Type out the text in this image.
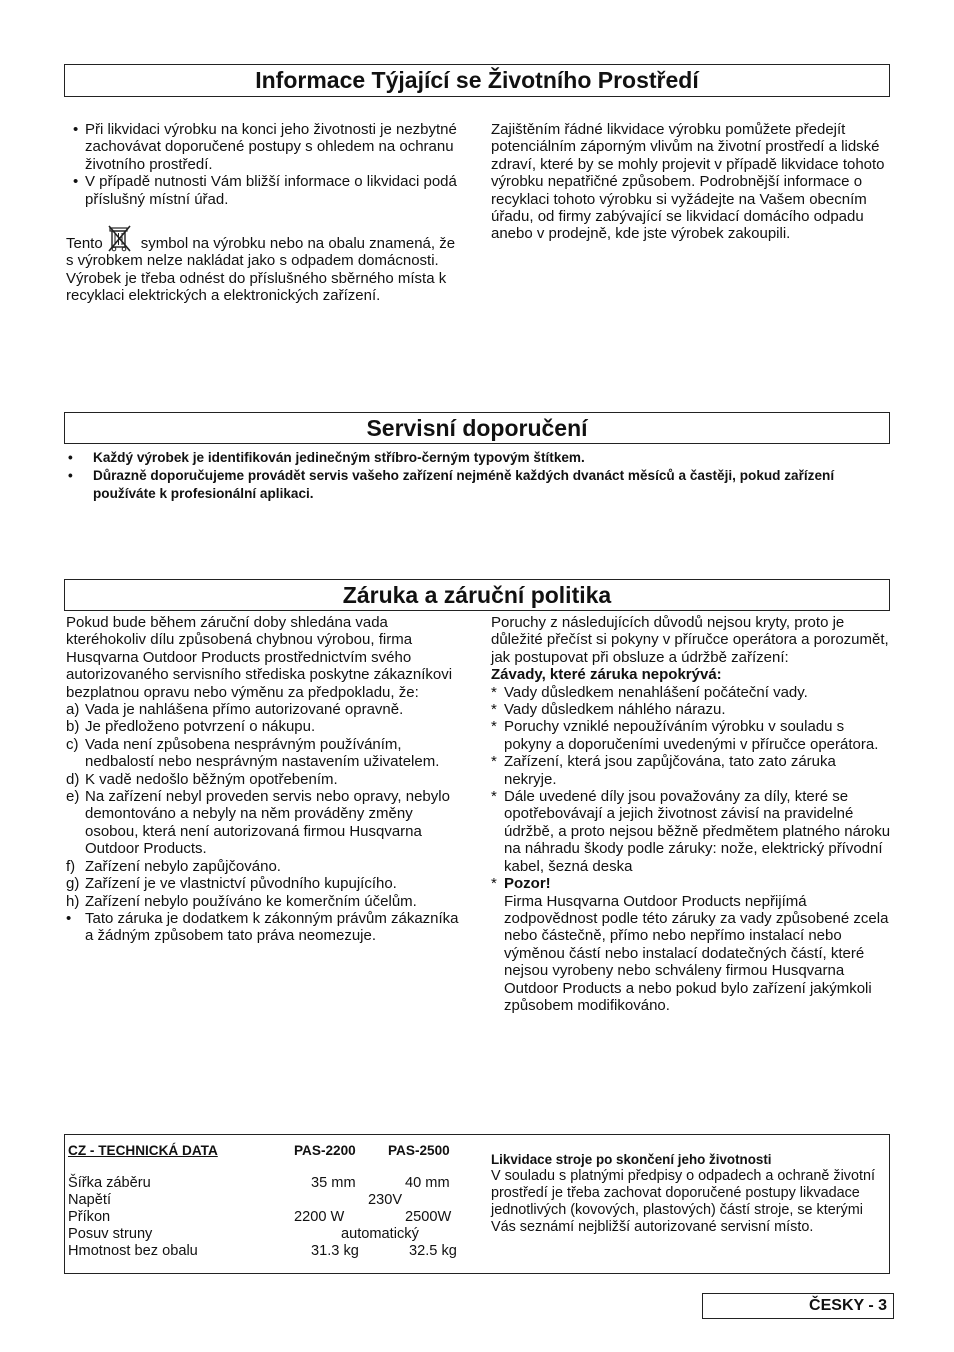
Informace Týjající se Životního Prostředí
• Při likvidaci výrobku na konci jeho životnosti je nezbytné zachovávat doporučené postupy s ohledem na ochranu životního prostředí.
• V případě nutnosti Vám bližší informace o likvidaci podá příslušný místní úřad.

Tento	symbol na výrobku nebo na obalu znamená, že s výrobkem nelze nakládat jako s odpadem domácnosti. Výrobek je třeba odnést do příslušného sběrného místa k recyklaci elektrických a elektronických zařízení.

Zajištěním řádné likvidace výrobku pomůžete předejít potenciálním záporným vlivům na životní prostředí a lidské zdraví, které by se mohly projevit v případě likvidace tohoto výrobku nepatřičné způsobem. Podrobnější informace o recyklaci tohoto výrobku si vyžádejte na Vašem obecním úřadu, od firmy zabývající se likvidací domácího odpadu anebo v prodejně, kde jste výrobek zakoupili.

Servisní doporučení
• Každý výrobek je identifikován jedinečným stříbro-černým typovým štítkem.
• Důrazně doporučujeme provádět servis vašeho zařízení nejméně každých dvanáct měsíců a častěji, pokud zařízení používáte k profesionální aplikaci.
Záruka a záruční politika

Pokud bude během záruční doby shledána vada kteréhokoliv dílu způsobená chybnou výrobou, firma Husqvarna Outdoor Products prostřednictvím svého autorizovaného servisního střediska poskytne zákazníkovi bezplatnou opravu nebo výměnu za předpokladu, že:

a) Vada je nahlášena přímo autorizované opravně.
b) Je předloženo potvrzení o nákupu.
c) Vada není způsobena nesprávným používáním, nedbalostí nebo nesprávným nastavením uživatelem.
d) K vadě nedošlo běžným opotřebením.
e) Na zařízení nebyl proveden servis nebo opravy, nebylo demontováno a nebyly na něm prováděny změny osobou, která není autorizovaná firmou Husqvarna Outdoor Products.
f) Zařízení nebylo zapůjčováno.
g) Zařízení je ve vlastnictví původního kupujícího.
h) Zařízení nebylo používáno ke komerčním účelům.
• Tato záruka je dodatkem k zákonným právům zákazníka a žádným způsobem tato práva neomezuje.

Poruchy z následujících důvodů nejsou kryty, proto je důležité přečíst si pokyny v příručce operátora a porozumět, jak postupovat při obsluze a údržbě zařízení:

Závady, které záruka nepokrývá:

* Vady důsledkem nenahlášení počáteční vady.
* Vady důsledkem náhlého nárazu.
* Poruchy vzniklé nepoužíváním výrobku v souladu s pokyny a doporučeními uvedenými v příručce operátora.
* Zařízení, která jsou zapůjčována, tato zato záruka nekryje.
* Dále uvedené díly jsou považovány za díly, které se opotřebovávají a jejich životnost závisí na pravidelné údržbě, a proto nejsou běžně předmětem platného nároku na náhradu škody podle záruky: nože, elektrický přívodní kabel, šezná deska
* Pozor!
Firma Husqvarna Outdoor Products nepřijímá zodpovědnost podle této záruky za vady způsobené zcela nebo částečně, přímo nebo nepřímo instalací nebo výměnou částí nebo instalací dodatečných částí, které nejsou vyrobeny nebo schváleny firmou Husqvarna Outdoor Products a nebo pokud bylo zařízení jakýmkoli způsobem modifikováno.
CZ - TECHNICKÁ DATA	PAS-2200 PAS-2500
Šířka záběru	35 mm	40 mm
Napětí	230V
Příkon	2200 W	2500W
Posuv struny	automatický
Hmotnost bez obalu	31.3 kg	32.5 kg

Likvidace stroje po skončení jeho životnosti

V souladu s platnými předpisy o odpadech a ochraně životní prostředí je třeba zachovat doporučené postupy likvadace jednotlivých (kovových, plastových) částí stroje, se kterými Vás seznámí nejbližší autorizované servisní místo.

ČESKY - 3
